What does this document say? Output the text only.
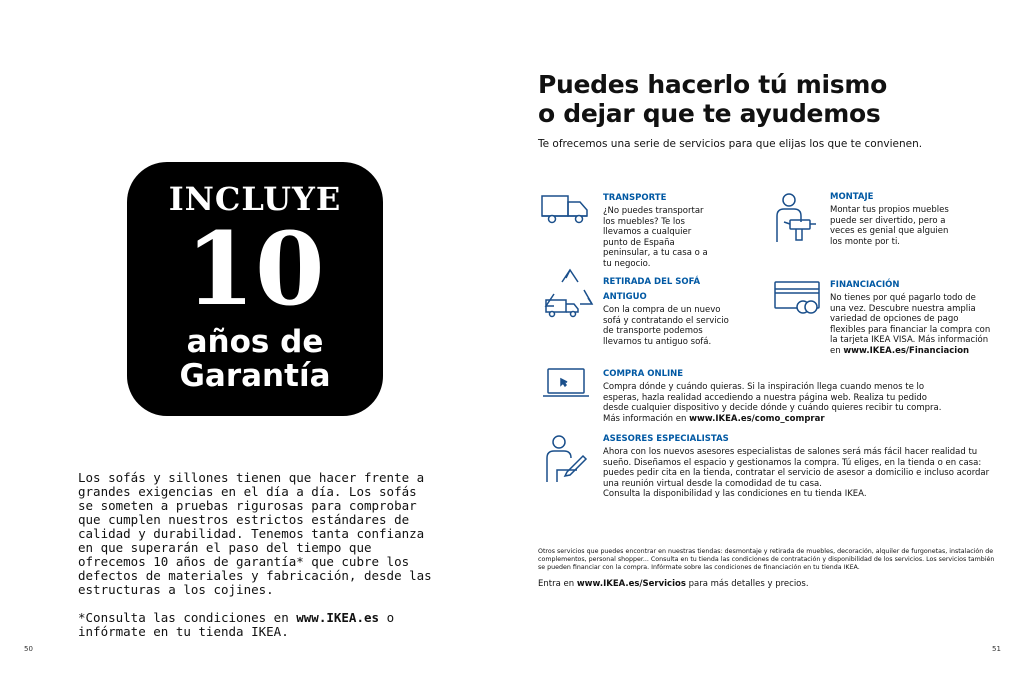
INCLUYE
10
años de
Garantía

Los sofás y sillones tienen que hacer frente a grandes exigencias en el día a día. Los sofás se someten a pruebas rigurosas para comprobar que cumplen nuestros estrictos estándares de calidad y durabilidad. Tenemos tanta confianza en que superarán el paso del tiempo que ofrecemos 10 años de garantía* que cubre los defectos de materiales y fabricación, desde las estructuras a los cojines.

*Consulta las condiciones en www.IKEA.es o infórmate en tu tienda IKEA.

50
Puedes hacerlo tú mismo
o dejar que te ayudemos
Te ofrecemos una serie de servicios para que elijas los que te convienen.
TRANSPORTE
¿No puedes transportar los muebles? Te los llevamos a cualquier punto de España peninsular, a tu casa o a tu negocio.
MONTAJE
Montar tus propios muebles puede ser divertido, pero a veces es genial que alguien los monte por ti.
RETIRADA DEL SOFÁ
ANTIGUO
Con la compra de un nuevo sofá y contratando el servicio de transporte podemos llevarnos tu antiguo sofá.
FINANCIACIÓN
No tienes por qué pagarlo todo de una vez. Descubre nuestra amplia variedad de opciones de pago flexibles para financiar la compra con la tarjeta IKEA VISA. Más información en www.IKEA.es/Financiacion
COMPRA ONLINE
Compra dónde y cuándo quieras. Si la inspiración llega cuando menos te lo esperas, hazla realidad accediendo a nuestra página web. Realiza tu pedido desde cualquier dispositivo y decide dónde y cuándo quieres recibir tu compra. Más información en www.IKEA.es/como_comprar
ASESORES ESPECIALISTAS
Ahora con los nuevos asesores especialistas de salones será más fácil hacer realidad tu sueño. Diseñamos el espacio y gestionamos la compra. Tú eliges, en la tienda o en casa: puedes pedir cita en la tienda, contratar el servicio de asesor a domicilio e incluso acordar una reunión virtual desde la comodidad de tu casa.
Consulta la disponibilidad y las condiciones en tu tienda IKEA.
Otros servicios que puedes encontrar en nuestras tiendas: desmontaje y retirada de muebles, decoración, alquiler de furgonetas, instalación de complementos, personal shopper... Consulta en tu tienda las condiciones de contratación y disponibilidad de los servicios. Los servicios también se pueden financiar con la compra. Infórmate sobre las condiciones de financiación en tu tienda IKEA.
Entra en www.IKEA.es/Servicios para más detalles y precios.
51
